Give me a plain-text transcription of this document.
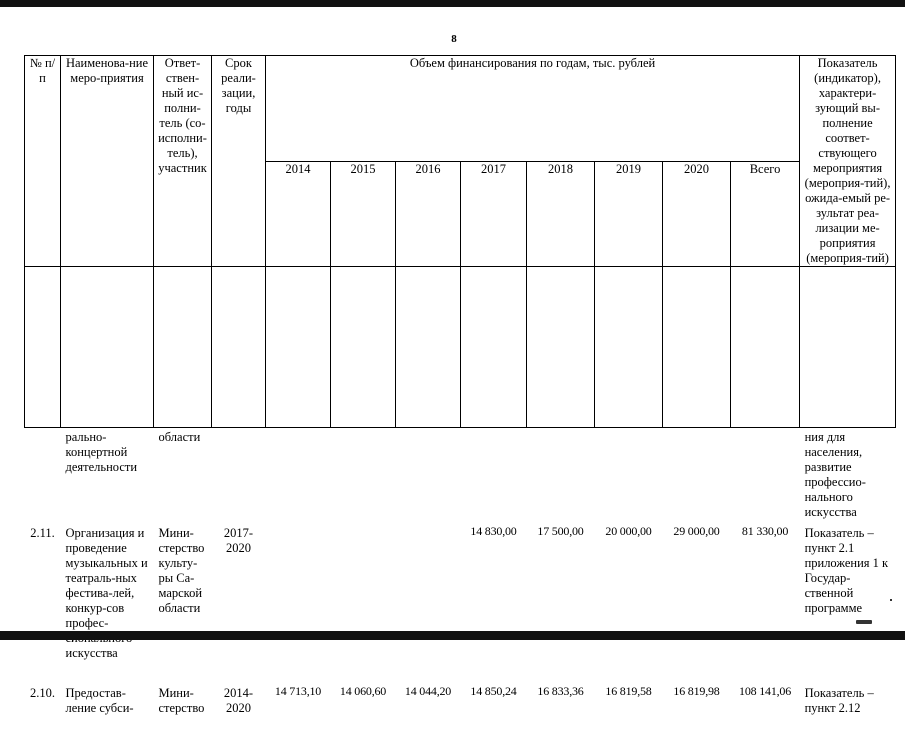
8
№ п/п	Наименова-ние меро-приятия	Ответ-ствен-ный ис-полни-тель (со-исполни-тель), участник	Срок реали-зации, годы	Объем финансирования по годам, тыс. рублей								Показатель (индикатор), характери-зующий вы-полнение соответ-ствующего мероприятия (мероприя-тий), ожида-емый ре-зультат реа-лизации ме-роприятия (мероприя-тий)
				2014	2015	2016	2017	2018	2019	2020	Всего	

	рально-концертной деятельности	области										ния для населения, развитие профессио-нального искусства
2.11.	Организация и проведение музыкальных и театраль-ных фестива-лей, конкур-сов профес- искусства	Мини-стерство культу-ры Са-марской области	2017-2020				14 830,00	17 500,00	20 000,00	29 000,00	81 330,00	Показатель – пункт 2.1 приложения 1 к Государ-ственной программе
2.10.	Предостав-ление субси-	Мини-стерство	2014-2020	14 713,10	14 060,60	14 044,20	14 850,24	16 833,36	16 819,58	16 819,98	108 141,06	Показатель – пункт 2.12
